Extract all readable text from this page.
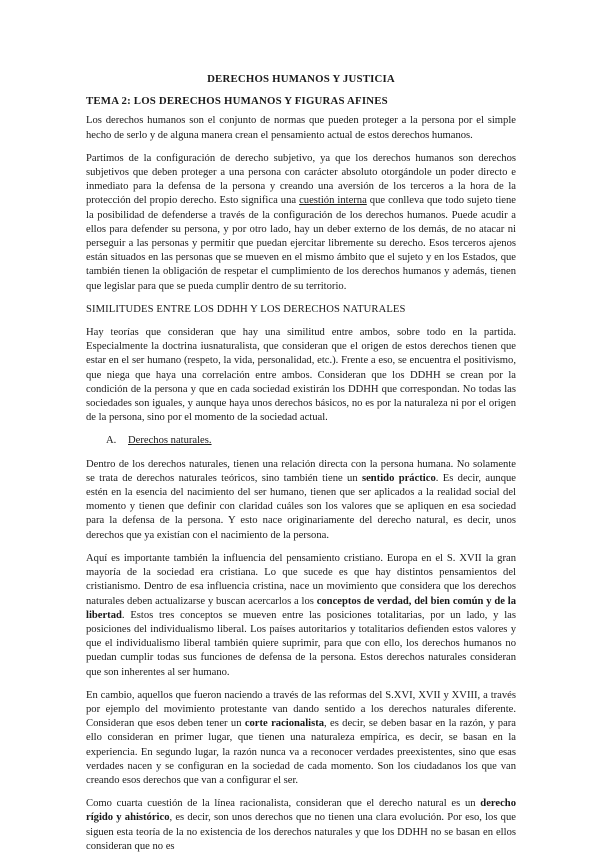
DERECHOS HUMANOS Y JUSTICIA
TEMA 2: LOS DERECHOS HUMANOS Y FIGURAS AFINES

Los derechos humanos son el conjunto de normas que pueden proteger a la persona por el simple hecho de serlo y de alguna manera crean el pensamiento actual de estos derechos humanos.

Partimos de la configuración de derecho subjetivo, ya que los derechos humanos son derechos subjetivos que deben proteger a una persona con carácter absoluto otorgándole un poder directo e inmediato para la defensa de la persona y creando una aversión de los terceros a la hora de la protección del propio derecho. Esto significa una cuestión interna que conlleva que todo sujeto tiene la posibilidad de defenderse a través de la configuración de los derechos humanos. Puede acudir a ellos para defender su persona, y por otro lado, hay un deber externo de los demás, de no atacar ni perseguir a las personas y permitir que puedan ejercitar libremente su derecho. Esos terceros ajenos están situados en las personas que se mueven en el mismo ámbito que el sujeto y en los Estados, que también tienen la obligación de respetar el cumplimiento de los derechos humanos y además, tienen que legislar para que se pueda cumplir dentro de su territorio.

SIMILITUDES ENTRE LOS DDHH Y LOS DERECHOS NATURALES

Hay teorías que consideran que hay una similitud entre ambos, sobre todo en la partida. Especialmente la doctrina iusnaturalista, que consideran que el origen de estos derechos tienen que estar en el ser humano (respeto, la vida, personalidad, etc.). Frente a eso, se encuentra el positivismo, que niega que haya una correlación entre ambos. Consideran que los DDHH se crean por la condición de la persona y que en cada sociedad existirán los DDHH que correspondan. No todas las sociedades son iguales, y aunque haya unos derechos básicos, no es por la naturaleza ni por el origen de la persona, sino por el momento de la sociedad actual.

A. Derechos naturales.

Dentro de los derechos naturales, tienen una relación directa con la persona humana. No solamente se trata de derechos naturales teóricos, sino también tiene un sentido práctico. Es decir, aunque estén en la esencia del nacimiento del ser humano, tienen que ser aplicados a la realidad social del momento y tienen que definir con claridad cuáles son los valores que se apliquen en esa sociedad para la defensa de la persona. Y esto nace originariamente del derecho natural, es decir, unos derechos que ya existían con el nacimiento de la persona.

Aquí es importante también la influencia del pensamiento cristiano. Europa en el S. XVII la gran mayoría de la sociedad era cristiana. Lo que sucede es que hay distintos pensamientos del cristianismo. Dentro de esa influencia cristina, nace un movimiento que considera que los derechos naturales deben actualizarse y buscan acercarlos a los conceptos de verdad, del bien común y de la libertad. Estos tres conceptos se mueven entre las posiciones totalitarias, por un lado, y las posiciones del individualismo liberal. Los países autoritarios y totalitarios defienden estos valores y que el individualismo liberal también quiere suprimir, para que con ello, los derechos humanos no puedan cumplir todas sus funciones de defensa de la persona. Estos derechos naturales consideran que son inherentes al ser humano.

En cambio, aquellos que fueron naciendo a través de las reformas del S.XVI, XVII y XVIII, a través por ejemplo del movimiento protestante van dando sentido a los derechos naturales diferente. Consideran que esos deben tener un corte racionalista, es decir, se deben basar en la razón, y para ello consideran en primer lugar, que tienen una naturaleza empírica, es decir, se basan en la experiencia. En segundo lugar, la razón nunca va a reconocer verdades preexistentes, sino que esas verdades nacen y se configuran en la sociedad de cada momento. Son los ciudadanos los que van creando esos derechos que van a configurar el ser.

Como cuarta cuestión de la línea racionalista, consideran que el derecho natural es un derecho rígido y ahistórico, es decir, son unos derechos que no tienen una clara evolución. Por eso, los que siguen esta teoría de la no existencia de los derechos naturales y que los DDHH no se basan en ellos consideran que no es
